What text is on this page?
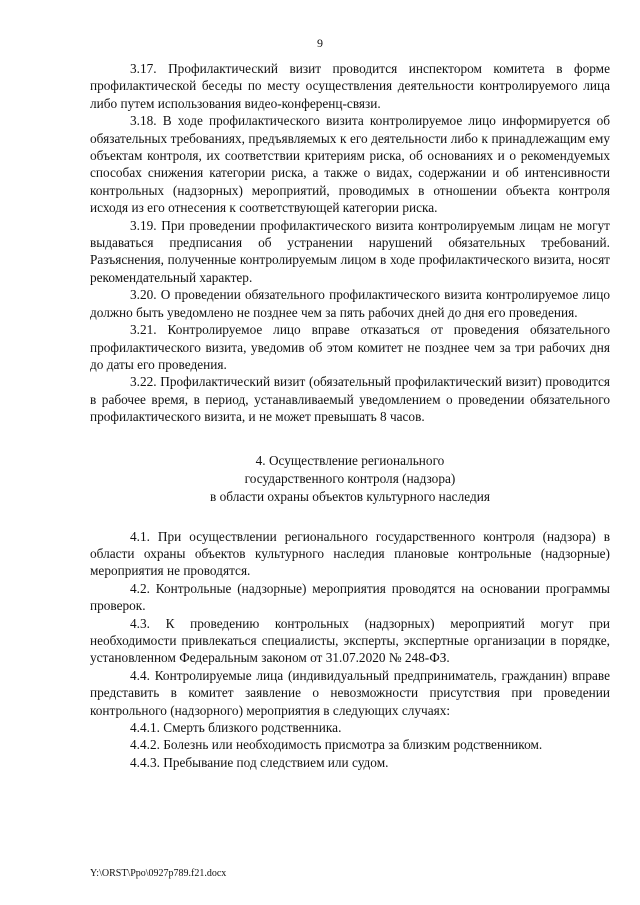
9

3.17. Профилактический визит проводится инспектором комитета в форме профилактической беседы по месту осуществления деятельности контролируемого лица либо путем использования видео-конференц-связи.

3.18. В ходе профилактического визита контролируемое лицо информируется об обязательных требованиях, предъявляемых к его деятельности либо к принадлежащим ему объектам контроля, их соответствии критериям риска, об основаниях и о рекомендуемых способах снижения категории риска, а также о видах, содержании и об интенсивности контрольных (надзорных) мероприятий, проводимых в отношении объекта контроля исходя из его отнесения к соответствующей категории риска.

3.19. При проведении профилактического визита контролируемым лицам не могут выдаваться предписания об устранении нарушений обязательных требований. Разъяснения, полученные контролируемым лицом в ходе профилактического визита, носят рекомендательный характер.

3.20. О проведении обязательного профилактического визита контролируемое лицо должно быть уведомлено не позднее чем за пять рабочих дней до дня его проведения.

3.21. Контролируемое лицо вправе отказаться от проведения обязательного профилактического визита, уведомив об этом комитет не позднее чем за три рабочих дня до даты его проведения.

3.22. Профилактический визит (обязательный профилактический визит) проводится в рабочее время, в период, устанавливаемый уведомлением о проведении обязательного профилактического визита, и не может превышать 8 часов.

4. Осуществление регионального
государственного контроля (надзора)
в области охраны объектов культурного наследия

4.1. При осуществлении регионального государственного контроля (надзора) в области охраны объектов культурного наследия плановые контрольные (надзорные) мероприятия не проводятся.

4.2. Контрольные (надзорные) мероприятия проводятся на основании программы проверок.

4.3. К проведению контрольных (надзорных) мероприятий могут при необходимости привлекаться специалисты, эксперты, экспертные организации в порядке, установленном Федеральным законом от 31.07.2020 № 248-ФЗ.

4.4. Контролируемые лица (индивидуальный предприниматель, гражданин) вправе представить в комитет заявление о невозможности присутствия при проведении контрольного (надзорного) мероприятия в следующих случаях:

4.4.1. Смерть близкого родственника.

4.4.2. Болезнь или необходимость присмотра за близким родственником.

4.4.3. Пребывание под следствием или судом.

Y:\ORST\Ppo\0927p789.f21.docx
